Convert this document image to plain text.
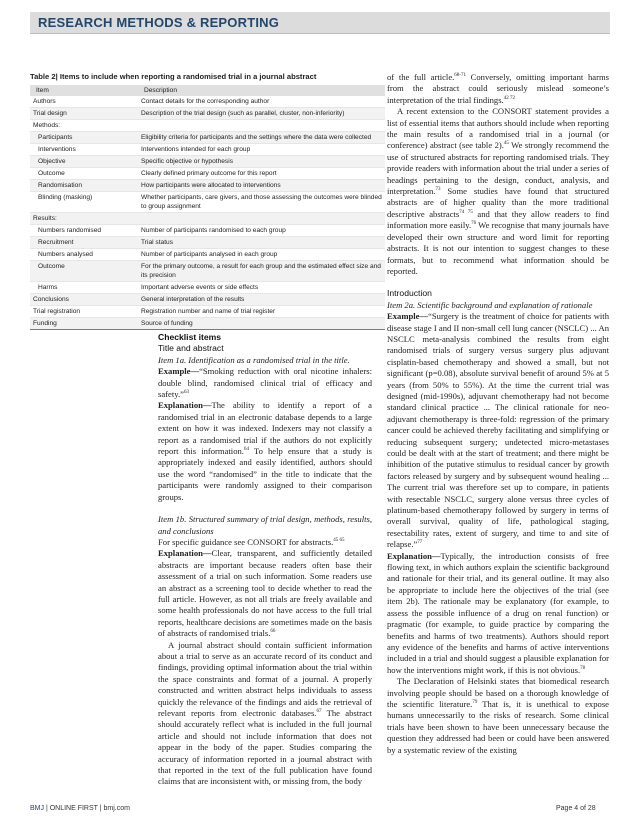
RESEARCH METHODS & REPORTING
Table 2| Items to include when reporting a randomised trial in a journal abstract
Item	Description
Authors	Contact details for the corresponding author
Trial design	Description of the trial design (such as parallel, cluster, non-inferiority)
Methods:	
Participants	Eligibility criteria for participants and the settings where the data were collected
Interventions	Interventions intended for each group
Objective	Specific objective or hypothesis
Outcome	Clearly defined primary outcome for this report
Randomisation	How participants were allocated to interventions
Blinding (masking)	Whether participants, care givers, and those assessing the outcomes were blinded to group assignment
Results:	
Numbers randomised	Number of participants randomised to each group
Recruitment	Trial status
Numbers analysed	Number of participants analysed in each group
Outcome	For the primary outcome, a result for each group and the estimated effect size and its precision
Harms	Important adverse events or side effects
Conclusions	General interpretation of the results
Trial registration	Registration number and name of trial register
Funding	Source of funding

Checklist items

Title and abstract

Item 1a. Identification as a randomised trial in the title.

Example—“Smoking reduction with oral nicotine inhalers: double blind, randomised clinical trial of efficacy and safety.”$^{63}$

Explanation—The ability to identify a report of a randomised trial in an electronic database depends to a large extent on how it was indexed. Indexers may not classify a report as a randomised trial if the authors do not explicitly report this information.$^{64}$ To help ensure that a study is appropriately indexed and easily identified, authors should use the word “randomised” in the title to indicate that the participants were randomly assigned to their comparison groups.

Item 1b. Structured summary of trial design, methods, results, and conclusions

For specific guidance see CONSORT for abstracts.$^{45 65}$

Explanation—Clear, transparent, and sufficiently detailed abstracts are important because readers often base their assessment of a trial on such information. Some readers use an abstract as a screening tool to decide whether to read the full article. However, as not all trials are freely available and some health professionals do not have access to the full trial reports, healthcare decisions are sometimes made on the basis of abstracts of randomised trials.$^{66}$

A journal abstract should contain sufficient information about a trial to serve as an accurate record of its conduct and findings, providing optimal information about the trial within the space constraints and format of a journal. A properly constructed and written abstract helps individuals to assess quickly the relevance of the findings and aids the retrieval of relevant reports from electronic databases.$^{67}$ The abstract should accurately reflect what is included in the full journal article and should not include information that does not appear in the body of the paper. Studies comparing the accuracy of information reported in a journal abstract with that reported in the text of the full publication have found claims that are inconsistent with, or missing from, the body

of the full article.$^{68-71}$ Conversely, omitting important harms from the abstract could seriously mislead someone’s interpretation of the trial findings.$^{42 72}$

A recent extension to the CONSORT statement provides a list of essential items that authors should include when reporting the main results of a randomised trial in a journal (or conference) abstract (see table 2).$^{45}$ We strongly recommend the use of structured abstracts for reporting randomised trials. They provide readers with information about the trial under a series of headings pertaining to the design, conduct, analysis, and interpretation.$^{73}$ Some studies have found that structured abstracts are of higher quality than the more traditional descriptive abstracts$^{74 75}$ and that they allow readers to find information more easily.$^{76}$ We recognise that many journals have developed their own structure and word limit for reporting abstracts. It is not our intention to suggest changes to these formats, but to recommend what information should be reported.

Introduction

Item 2a. Scientific background and explanation of rationale

Example—“Surgery is the treatment of choice for patients with disease stage I and II non-small cell lung cancer (NSCLC) ... An NSCLC meta-analysis combined the results from eight randomised trials of surgery versus surgery plus adjuvant cisplatin-based chemotherapy and showed a small, but not significant (p=0.08), absolute survival benefit of around 5% at 5 years (from 50% to 55%). At the time the current trial was designed (mid-1990s), adjuvant chemotherapy had not become standard clinical practice ... The clinical rationale for neo-adjuvant chemotherapy is three-fold: regression of the primary cancer could be achieved thereby facilitating and simplifying or reducing subsequent surgery; undetected micro-metastases could be dealt with at the start of treatment; and there might be inhibition of the putative stimulus to residual cancer by growth factors released by surgery and by subsequent wound healing ... The current trial was therefore set up to compare, in patients with resectable NSCLC, surgery alone versus three cycles of platinum-based chemotherapy followed by surgery in terms of overall survival, quality of life, pathological staging, resectability rates, extent of surgery, and time to and site of relapse.”$^{77}$

Explanation—Typically, the introduction consists of free flowing text, in which authors explain the scientific background and rationale for their trial, and its general outline. It may also be appropriate to include here the objectives of the trial (see item 2b). The rationale may be explanatory (for example, to assess the possible influence of a drug on renal function) or pragmatic (for example, to guide practice by comparing the benefits and harms of two treatments). Authors should report any evidence of the benefits and harms of active interventions included in a trial and should suggest a plausible explanation for how the interventions might work, if this is not obvious.$^{78}$

The Declaration of Helsinki states that biomedical research involving people should be based on a thorough knowledge of the scientific literature.$^{79}$ That is, it is unethical to expose humans unnecessarily to the risks of research. Some clinical trials have been shown to have been unnecessary because the question they addressed had been or could have been answered by a systematic review of the existing

BMJ | ONLINE FIRST | bmj.com	Page 4 of 28
